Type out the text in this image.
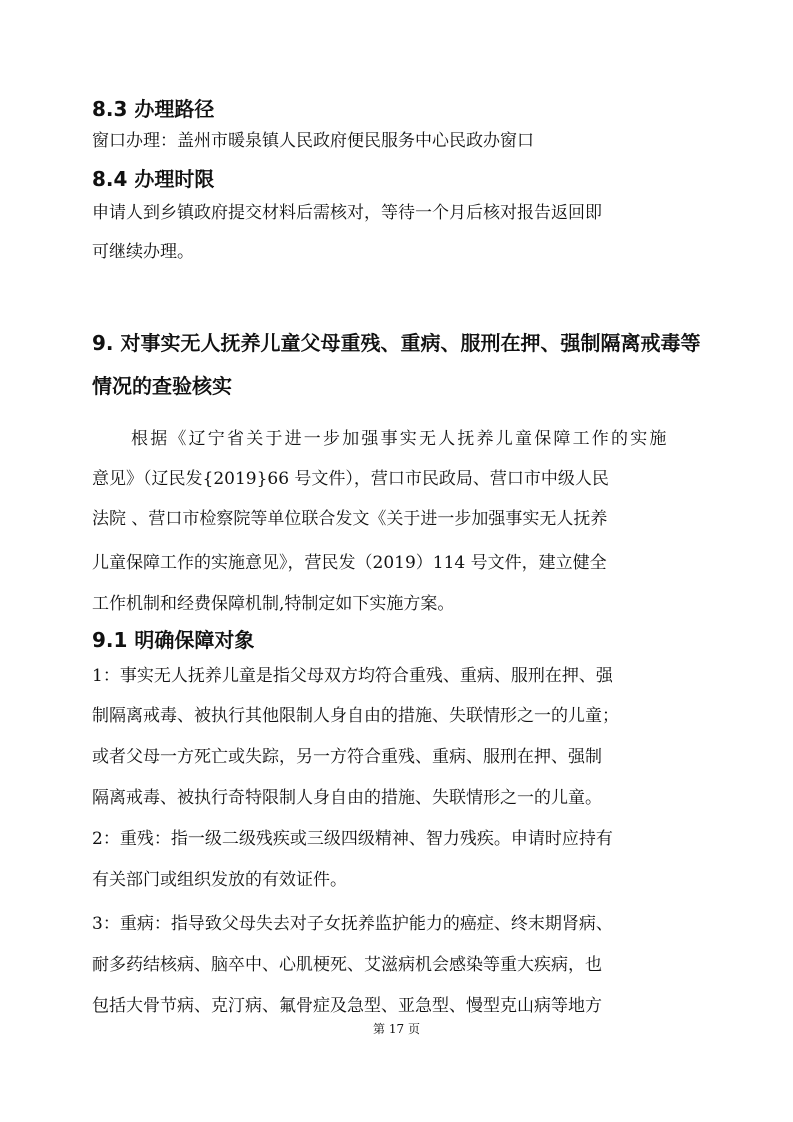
8.3 办理路径
窗口办理：盖州市暖泉镇人民政府便民服务中心民政办窗口
8.4 办理时限
申请人到乡镇政府提交材料后需核对，等待一个月后核对报告返回即
可继续办理。
9. 对事实无人抚养儿童父母重残、重病、服刑在押、强制隔离戒毒等
情况的查验核实
根据《辽宁省关于进一步加强事实无人抚养儿童保障工作的实施
意见》（辽民发{2019}66 号文件），营口市民政局、营口市中级人民
法院 、营口市检察院等单位联合发文《关于进一步加强事实无人抚养
儿童保障工作的实施意见》，营民发（2019）114 号文件，建立健全
工作机制和经费保障机制,特制定如下实施方案。
9.1 明确保障对象
1：事实无人抚养儿童是指父母双方均符合重残、重病、服刑在押、强
制隔离戒毒、被执行其他限制人身自由的措施、失联情形之一的儿童；
或者父母一方死亡或失踪，另一方符合重残、重病、服刑在押、强制
隔离戒毒、被执行奇特限制人身自由的措施、失联情形之一的儿童。
2：重残：指一级二级残疾或三级四级精神、智力残疾。申请时应持有
有关部门或组织发放的有效证件。
3：重病：指导致父母失去对子女抚养监护能力的癌症、终末期肾病、
耐多药结核病、脑卒中、心肌梗死、艾滋病机会感染等重大疾病，也
包括大骨节病、克汀病、氟骨症及急型、亚急型、慢型克山病等地方
第 17 页
